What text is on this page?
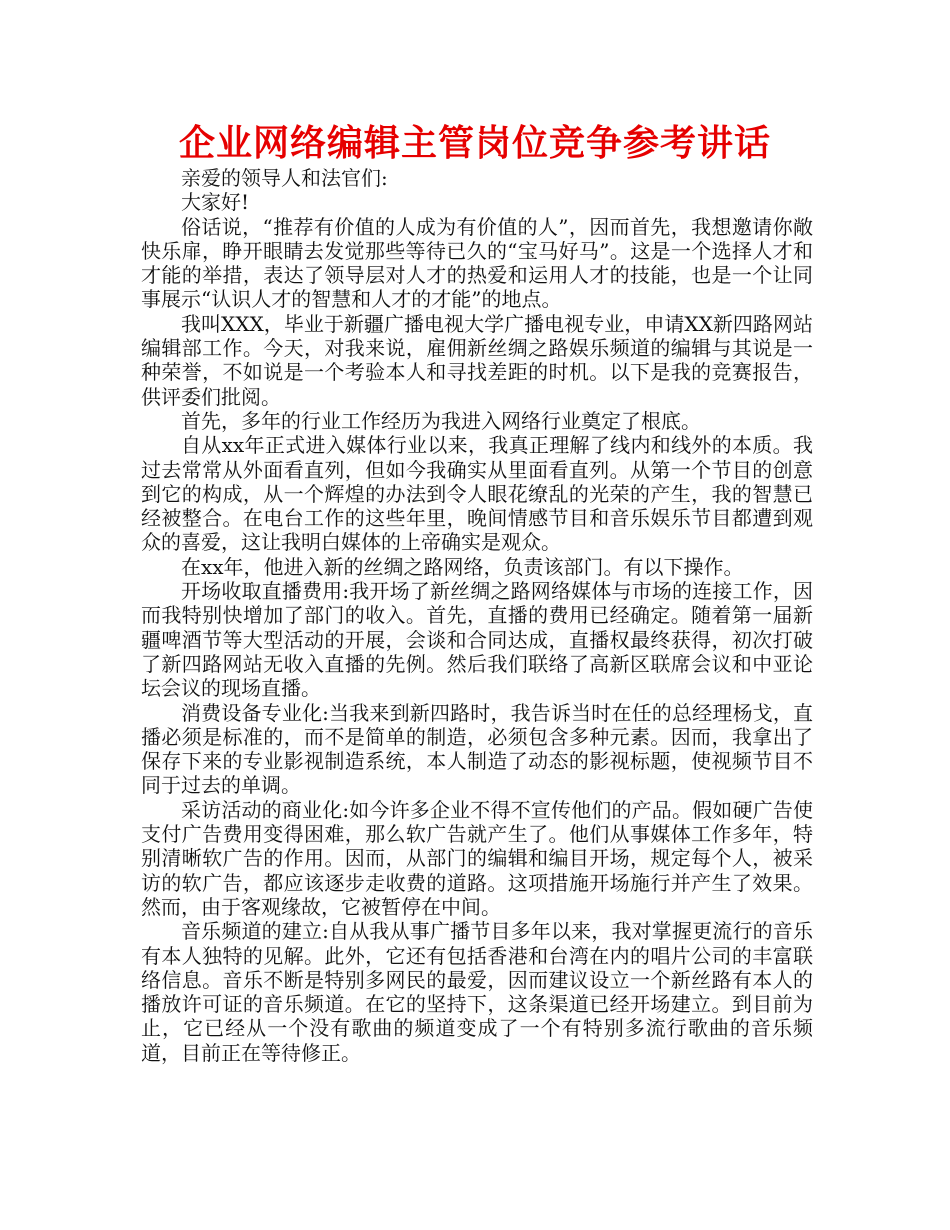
企业网络编辑主管岗位竞争参考讲话

亲爱的领导人和法官们:

大家好!

俗话说，“推荐有价值的人成为有价值的人”，因而首先，我想邀请你敞快乐扉，睁开眼睛去发觉那些等待已久的“宝马好马”。这是一个选择人才和才能的举措，表达了领导层对人才的热爱和运用人才的技能，也是一个让同事展示“认识人才的智慧和人才的才能”的地点。

我叫XXX，毕业于新疆广播电视大学广播电视专业，申请XX新四路网站编辑部工作。今天，对我来说，雇佣新丝绸之路娱乐频道的编辑与其说是一种荣誉，不如说是一个考验本人和寻找差距的时机。以下是我的竞赛报告，供评委们批阅。

首先，多年的行业工作经历为我进入网络行业奠定了根底。

自从xx年正式进入媒体行业以来，我真正理解了线内和线外的本质。我过去常常从外面看直列，但如今我确实从里面看直列。从第一个节目的创意到它的构成，从一个辉煌的办法到令人眼花缭乱的光荣的产生，我的智慧已经被整合。在电台工作的这些年里，晚间情感节目和音乐娱乐节目都遭到观众的喜爱，这让我明白媒体的上帝确实是观众。

在xx年，他进入新的丝绸之路网络，负责该部门。有以下操作。

开场收取直播费用:我开场了新丝绸之路网络媒体与市场的连接工作，因而我特别快增加了部门的收入。首先，直播的费用已经确定。随着第一届新疆啤酒节等大型活动的开展，会谈和合同达成，直播权最终获得，初次打破了新四路网站无收入直播的先例。然后我们联络了高新区联席会议和中亚论坛会议的现场直播。

消费设备专业化:当我来到新四路时，我告诉当时在任的总经理杨戈，直播必须是标准的，而不是简单的制造，必须包含多种元素。因而，我拿出了保存下来的专业影视制造系统，本人制造了动态的影视标题，使视频节目不同于过去的单调。

采访活动的商业化:如今许多企业不得不宣传他们的产品。假如硬广告使支付广告费用变得困难，那么软广告就产生了。他们从事媒体工作多年，特别清晰软广告的作用。因而，从部门的编辑和编目开场，规定每个人，被采访的软广告，都应该逐步走收费的道路。这项措施开场施行并产生了效果。然而，由于客观缘故，它被暂停在中间。

音乐频道的建立:自从我从事广播节目多年以来，我对掌握更流行的音乐有本人独特的见解。此外，它还有包括香港和台湾在内的唱片公司的丰富联络信息。音乐不断是特别多网民的最爱，因而建议设立一个新丝路有本人的播放许可证的音乐频道。在它的坚持下，这条渠道已经开场建立。到目前为止，它已经从一个没有歌曲的频道变成了一个有特别多流行歌曲的音乐频道，目前正在等待修正。
